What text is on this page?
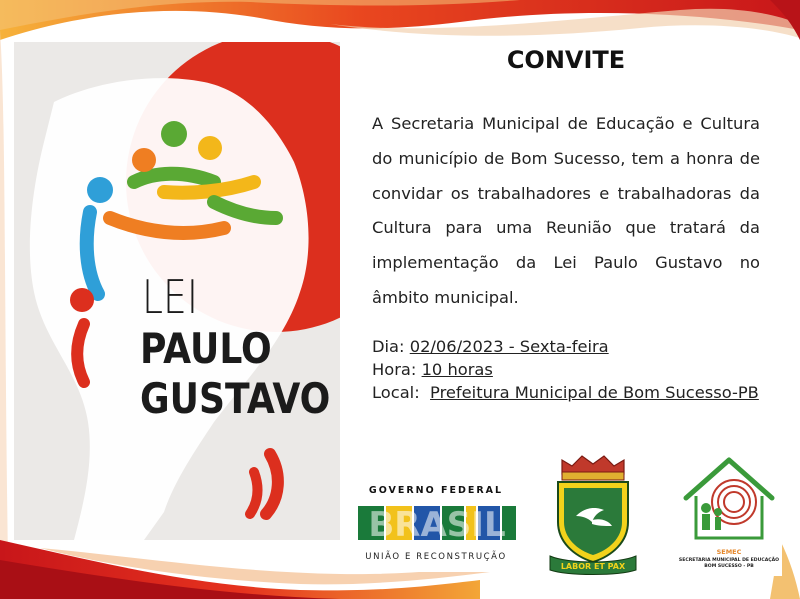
LEI
PAULO
GUSTAVO
CONVITE
A Secretaria Municipal de Educação e Cultura do município de Bom Sucesso, tem a honra de convidar os trabalhadores e trabalhadoras da Cultura para uma Reunião que tratará da implementação da Lei Paulo Gustavo no âmbito municipal.
Dia: 02/06/2023 - Sexta-feira
Hora: 10 horas
Local: Prefeitura Municipal de Bom Sucesso-PB
GOVERNO FEDERAL
BRASIL
UNIÃO E RECONSTRUÇÃO
LABOR ET PAX
SEMEC
SECRETARIA MUNICIPAL DE EDUCAÇÃO
BOM SUCESSO - PB
